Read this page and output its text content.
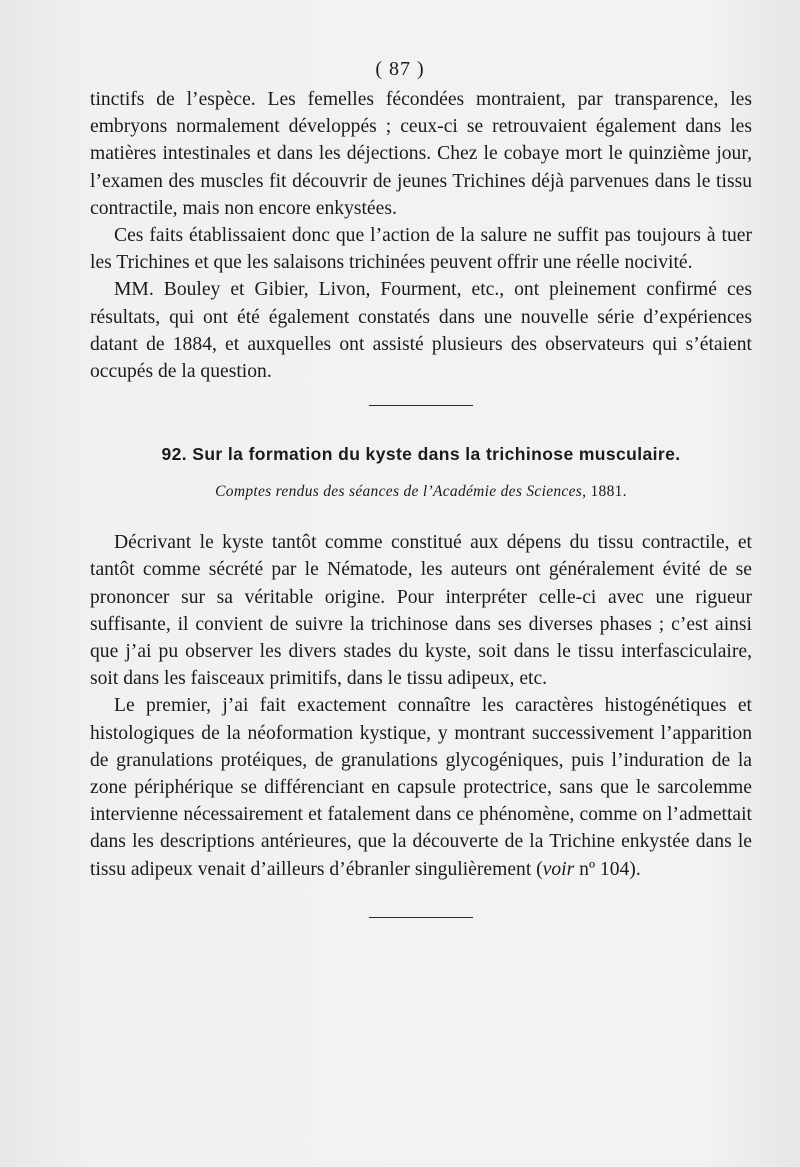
( 87 )

tinctifs de l’espèce. Les femelles fécondées montraient, par transparence, les embryons normalement développés ; ceux-ci se retrouvaient également dans les matières intestinales et dans les déjections. Chez le cobaye mort le quinzième jour, l’examen des muscles fit découvrir de jeunes Trichines déjà parvenues dans le tissu contractile, mais non encore enkystées.

Ces faits établissaient donc que l’action de la salure ne suffit pas toujours à tuer les Trichines et que les salaisons trichinées peuvent offrir une réelle nocivité.

MM. Bouley et Gibier, Livon, Fourment, etc., ont pleinement confirmé ces résultats, qui ont été également constatés dans une nouvelle série d’expériences datant de 1884, et auxquelles ont assisté plusieurs des observateurs qui s’étaient occupés de la question.

92. Sur la formation du kyste dans la trichinose musculaire.

Comptes rendus des séances de l’Académie des Sciences, 1881.

Décrivant le kyste tantôt comme constitué aux dépens du tissu contractile, et tantôt comme sécrété par le Nématode, les auteurs ont généralement évité de se prononcer sur sa véritable origine. Pour interpréter celle-ci avec une rigueur suffisante, il convient de suivre la trichinose dans ses diverses phases ; c’est ainsi que j’ai pu observer les divers stades du kyste, soit dans le tissu interfasciculaire, soit dans les faisceaux primitifs, dans le tissu adipeux, etc.

Le premier, j’ai fait exactement connaître les caractères histogénétiques et histologiques de la néoformation kystique, y montrant successivement l’apparition de granulations protéiques, de granulations glycogéniques, puis l’induration de la zone périphérique se différenciant en capsule protectrice, sans que le sarcolemme intervienne nécessairement et fatalement dans ce phénomène, comme on l’admettait dans les descriptions antérieures, que la découverte de la Trichine enkystée dans le tissu adipeux venait d’ailleurs d’ébranler singulièrement (voir nº 104).
